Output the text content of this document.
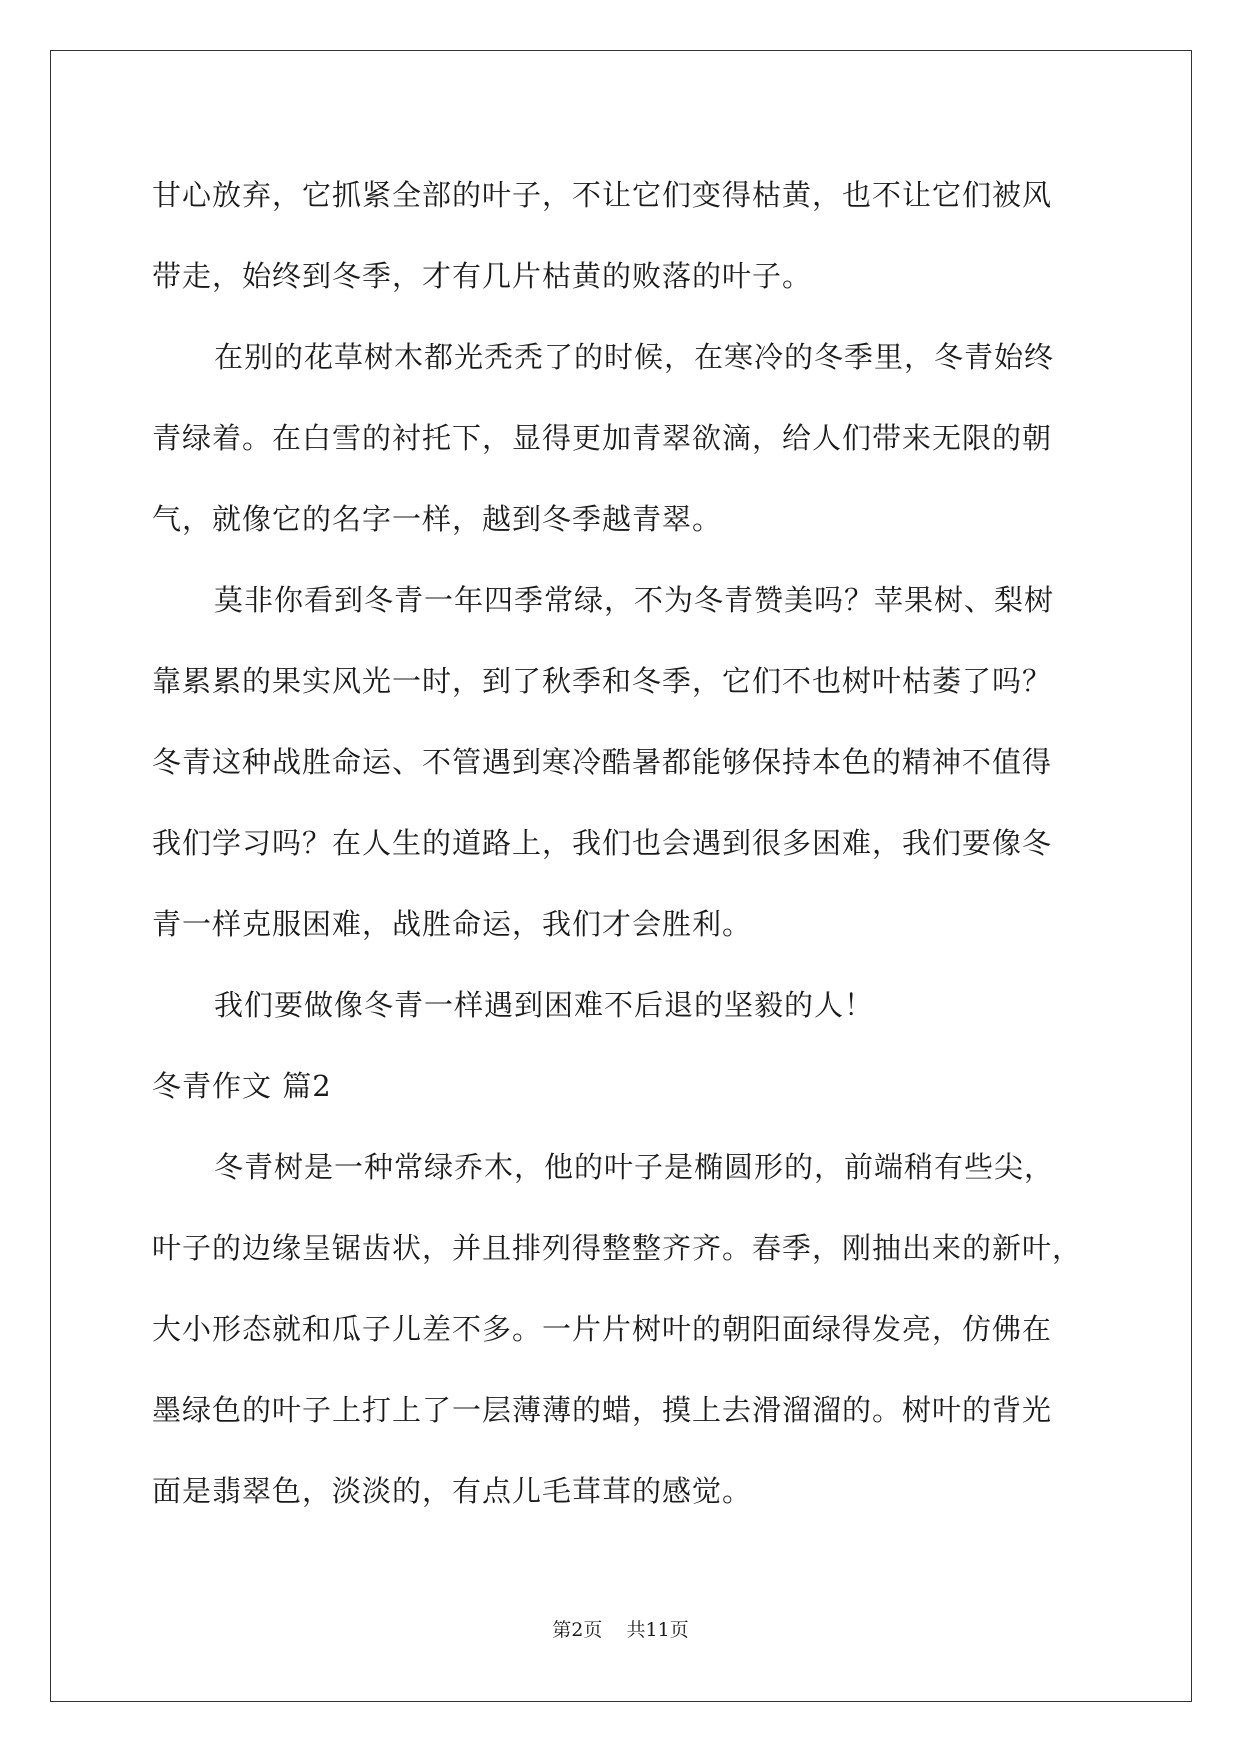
甘心放弃，它抓紧全部的叶子，不让它们变得枯黄，也不让它们被风
带走，始终到冬季，才有几片枯黄的败落的叶子。
在别的花草树木都光秃秃了的时候，在寒冷的冬季里，冬青始终
青绿着。在白雪的衬托下，显得更加青翠欲滴，给人们带来无限的朝
气，就像它的名字一样，越到冬季越青翠。
莫非你看到冬青一年四季常绿，不为冬青赞美吗？苹果树、梨树
靠累累的果实风光一时，到了秋季和冬季，它们不也树叶枯萎了吗？
冬青这种战胜命运、不管遇到寒冷酷暑都能够保持本色的精神不值得
我们学习吗？在人生的道路上，我们也会遇到很多困难，我们要像冬
青一样克服困难，战胜命运，我们才会胜利。
我们要做像冬青一样遇到困难不后退的坚毅的人！
冬青作文 篇2
冬青树是一种常绿乔木，他的叶子是椭圆形的，前端稍有些尖，
叶子的边缘呈锯齿状，并且排列得整整齐齐。春季，刚抽出来的新叶，
大小形态就和瓜子儿差不多。一片片树叶的朝阳面绿得发亮，仿佛在
墨绿色的叶子上打上了一层薄薄的蜡，摸上去滑溜溜的。树叶的背光
面是翡翠色，淡淡的，有点儿毛茸茸的感觉。
第2页    共11页
